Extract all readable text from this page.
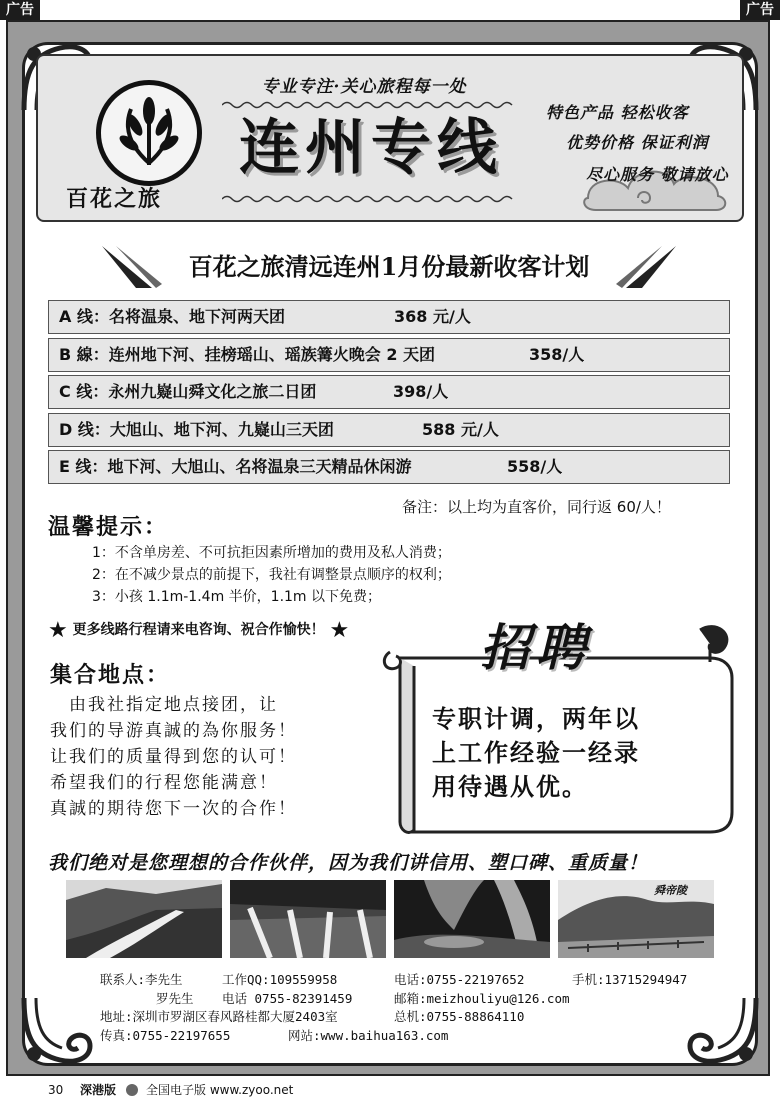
广告	广告
百花之旅
专业专注·关心旅程每一处
连州专线
特色产品 轻松收客
优势价格 保证利润
尽心服务 敬请放心
百花之旅清远连州1月份最新收客计划
A 线：名将温泉、地下河两天团	368 元/人
B 線：连州地下河、挂榜瑶山、瑶族篝火晚会 2 天团	358/人
C 线：永州九嶷山舜文化之旅二日团	398/人
D 线：大旭山、地下河、九嶷山三天团	588 元/人
E 线：地下河、大旭山、名将温泉三天精品休闲游	558/人
备注：以上均为直客价，同行返 60/人！
温馨提示：
1：不含单房差、不可抗拒因素所增加的费用及私人消费；
2：在不减少景点的前提下，我社有调整景点顺序的权利；
3：小孩 1.1m-1.4m 半价，1.1m 以下免费；
★ 更多线路行程请来电咨询、祝合作愉快！ ★
集合地点：
　由我社指定地点接团，让
我们的导游真誠的為你服务！
让我们的质量得到您的认可！
希望我们的行程您能满意！
真誠的期待您下一次的合作！
招聘
专职计调，两年以
上工作经验一经录
用待遇从优。
我们绝对是您理想的合作伙伴，因为我们讲信用、塑口碑、重质量！
舜帝陵
联系人:李先生	工作QQ:109559958	电话:0755-22197652	手机:13715294947
罗先生 电话 0755-82391459	邮箱:meizhouliyu@126.com
地址:深圳市罗湖区春风路桂都大厦2403室	总机:0755-88864110
传真:0755-22197655	网站:www.baihua163.com
30 深港版 全国电子版 www.zyoo.net
